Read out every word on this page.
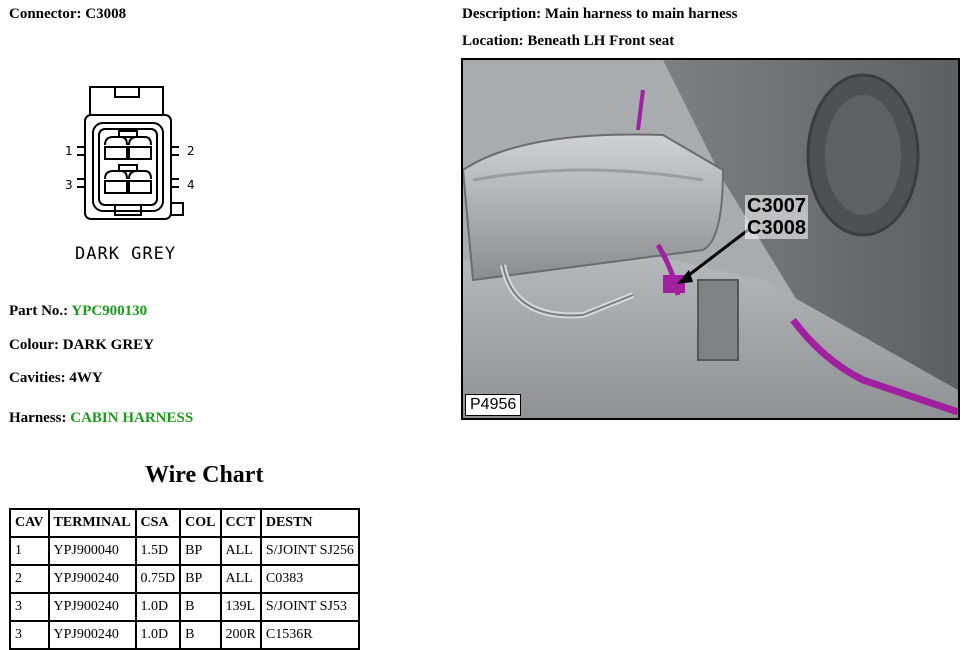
Connector: C3008	Description: Main harness to main harness
Location: Beneath LH Front seat
1	2
3	4
DARK GREY
Part No.: YPC900130
Colour: DARK GREY
Cavities: 4WY
Harness: CABIN HARNESS
Wire Chart
CAV	TERMINAL	CSA	COL	CCT	DESTN
1	YPJ900040	1.5D	BP	ALL	S/JOINT SJ256
2	YPJ900240	0.75D	BP	ALL	C0383
3	YPJ900240	1.0D	B	139L	S/JOINT SJ53
3	YPJ900240	1.0D	B	200R	C1536R
C3007
C3008
P4956
